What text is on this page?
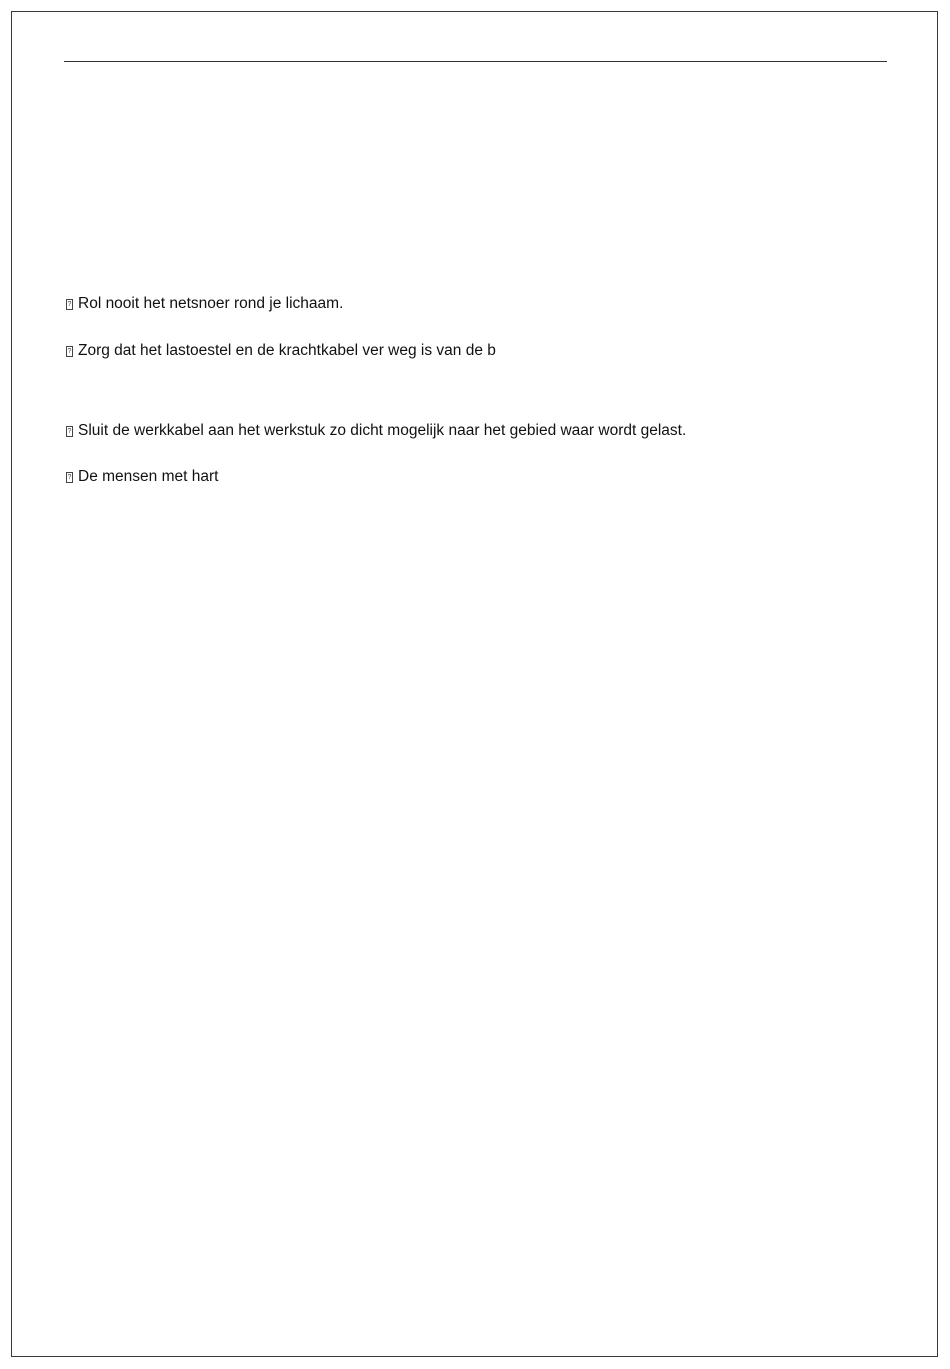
? Rol nooit het netsnoer rond je lichaam.
? Zorg dat het lastoestel en de krachtkabel ver weg is van de b
? Sluit de werkkabel aan het werkstuk zo dicht mogelijk naar het gebied waar wordt gelast.
? De mensen met hart
